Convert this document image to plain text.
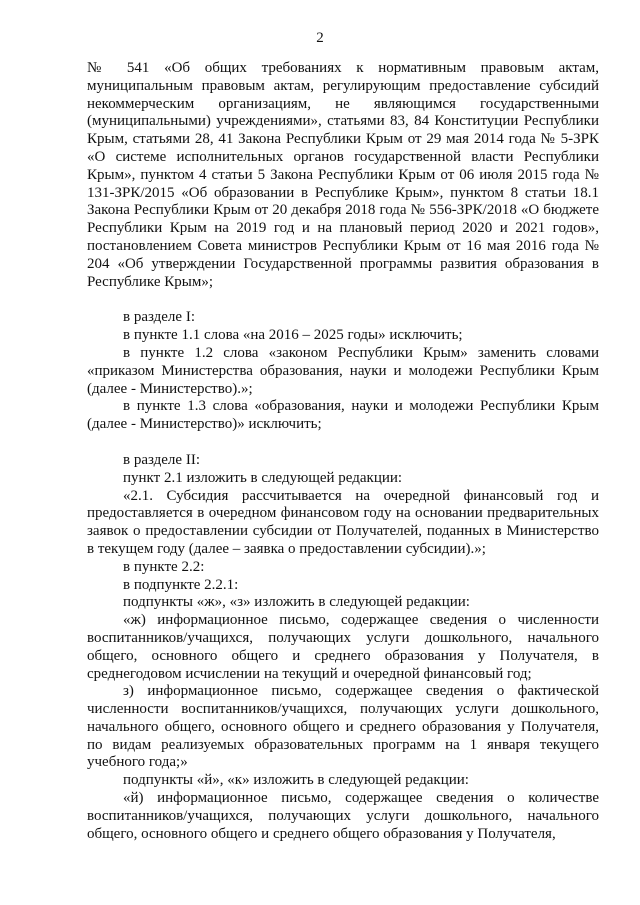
2

№ 541 «Об общих требованиях к нормативным правовым актам, муниципальным правовым актам, регулирующим предоставление субсидий некоммерческим организациям, не являющимся государственными (муниципальными) учреждениями», статьями 83, 84 Конституции Республики Крым, статьями 28, 41 Закона Республики Крым от 29 мая 2014 года № 5-ЗРК «О системе исполнительных органов государственной власти Республики Крым», пунктом 4 статьи 5 Закона Республики Крым от 06 июля 2015 года № 131-ЗРК/2015 «Об образовании в Республике Крым», пунктом 8 статьи 18.1 Закона Республики Крым от 20 декабря 2018 года № 556-ЗРК/2018 «О бюджете Республики Крым на 2019 год и на плановый период 2020 и 2021 годов», постановлением Совета министров Республики Крым от 16 мая 2016 года № 204 «Об утверждении Государственной программы развития образования в Республике Крым»;

в разделе I:

в пункте 1.1 слова «на 2016 – 2025 годы» исключить;

в пункте 1.2 слова «законом Республики Крым» заменить словами «приказом Министерства образования, науки и молодежи Республики Крым (далее - Министерство).»;

в пункте 1.3 слова «образования, науки и молодежи Республики Крым (далее - Министерство)» исключить;

в разделе II:

пункт 2.1 изложить в следующей редакции:

«2.1. Субсидия рассчитывается на очередной финансовый год и предоставляется в очередном финансовом году на основании предварительных заявок о предоставлении субсидии от Получателей, поданных в Министерство в текущем году (далее – заявка о предоставлении субсидии).»;

в пункте 2.2:

в подпункте 2.2.1:

подпункты «ж», «з» изложить в следующей редакции:

«ж) информационное письмо, содержащее сведения о численности воспитанников/учащихся, получающих услуги дошкольного, начального общего, основного общего и среднего образования у Получателя, в среднегодовом исчислении на текущий и очередной финансовый год;

з) информационное письмо, содержащее сведения о фактической численности воспитанников/учащихся, получающих услуги дошкольного, начального общего, основного общего и среднего образования у Получателя, по видам реализуемых образовательных программ на 1 января текущего учебного года;»

подпункты «й», «к» изложить в следующей редакции:

«й) информационное письмо, содержащее сведения о количестве воспитанников/учащихся, получающих услуги дошкольного, начального общего, основного общего и среднего общего образования у Получателя,
